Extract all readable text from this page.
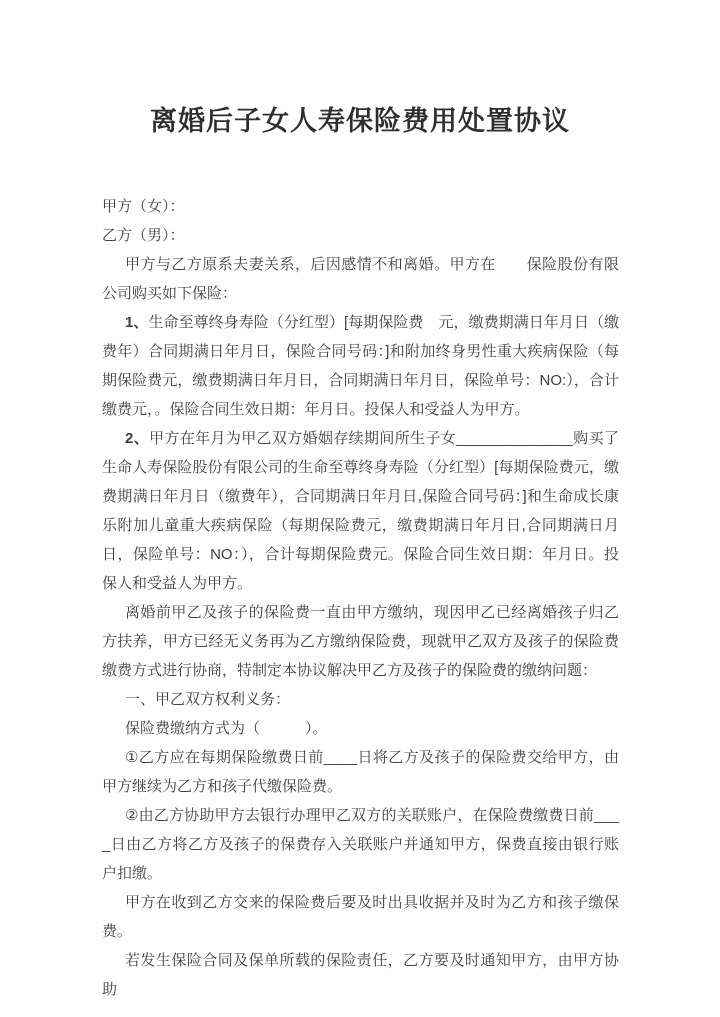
离婚后子女人寿保险费用处置协议

甲方（女）：

乙方（男）：

甲方与乙方原系夫妻关系，后因感情不和离婚。甲方在　　保险股份有限公司购买如下保险：

1、生命至尊终身寿险（分红型）[每期保险费　元，缴费期满日年月日（缴费年）合同期满日年月日，保险合同号码：]和附加终身男性重大疾病保险（每期保险费元，缴费期满日年月日，合同期满日年月日，保险单号：NO:），合计缴费元，。保险合同生效日期：年月日。投保人和受益人为甲方。

2、甲方在年月为甲乙双方婚姻存续期间所生子女______________购买了生命人寿保险股份有限公司的生命至尊终身寿险（分红型）[每期保险费元，缴费期满日年月日（缴费年），合同期满日年月日,保险合同号码：]和生命成长康乐附加儿童重大疾病保险（每期保险费元，缴费期满日年月日,合同期满日月日，保险单号：NO：），合计每期保险费元。保险合同生效日期：年月日。投保人和受益人为甲方。

离婚前甲乙及孩子的保险费一直由甲方缴纳，现因甲乙已经离婚孩子归乙方扶养，甲方已经无义务再为乙方缴纳保险费，现就甲乙双方及孩子的保险费缴费方式进行协商，特制定本协议解决甲乙方及孩子的保险费的缴纳问题：

一、甲乙双方权利义务：

保险费缴纳方式为（　　　）。

①乙方应在每期保险缴费日前____日将乙方及孩子的保险费交给甲方，由甲方继续为乙方和孩子代缴保险费。

②由乙方协助甲方去银行办理甲乙双方的关联账户，在保险费缴费日前____日由乙方将乙方及孩子的保费存入关联账户并通知甲方，保费直接由银行账户扣缴。

甲方在收到乙方交来的保险费后要及时出具收据并及时为乙方和孩子缴保费。

若发生保险合同及保单所载的保险责任，乙方要及时通知甲方，由甲方协助
